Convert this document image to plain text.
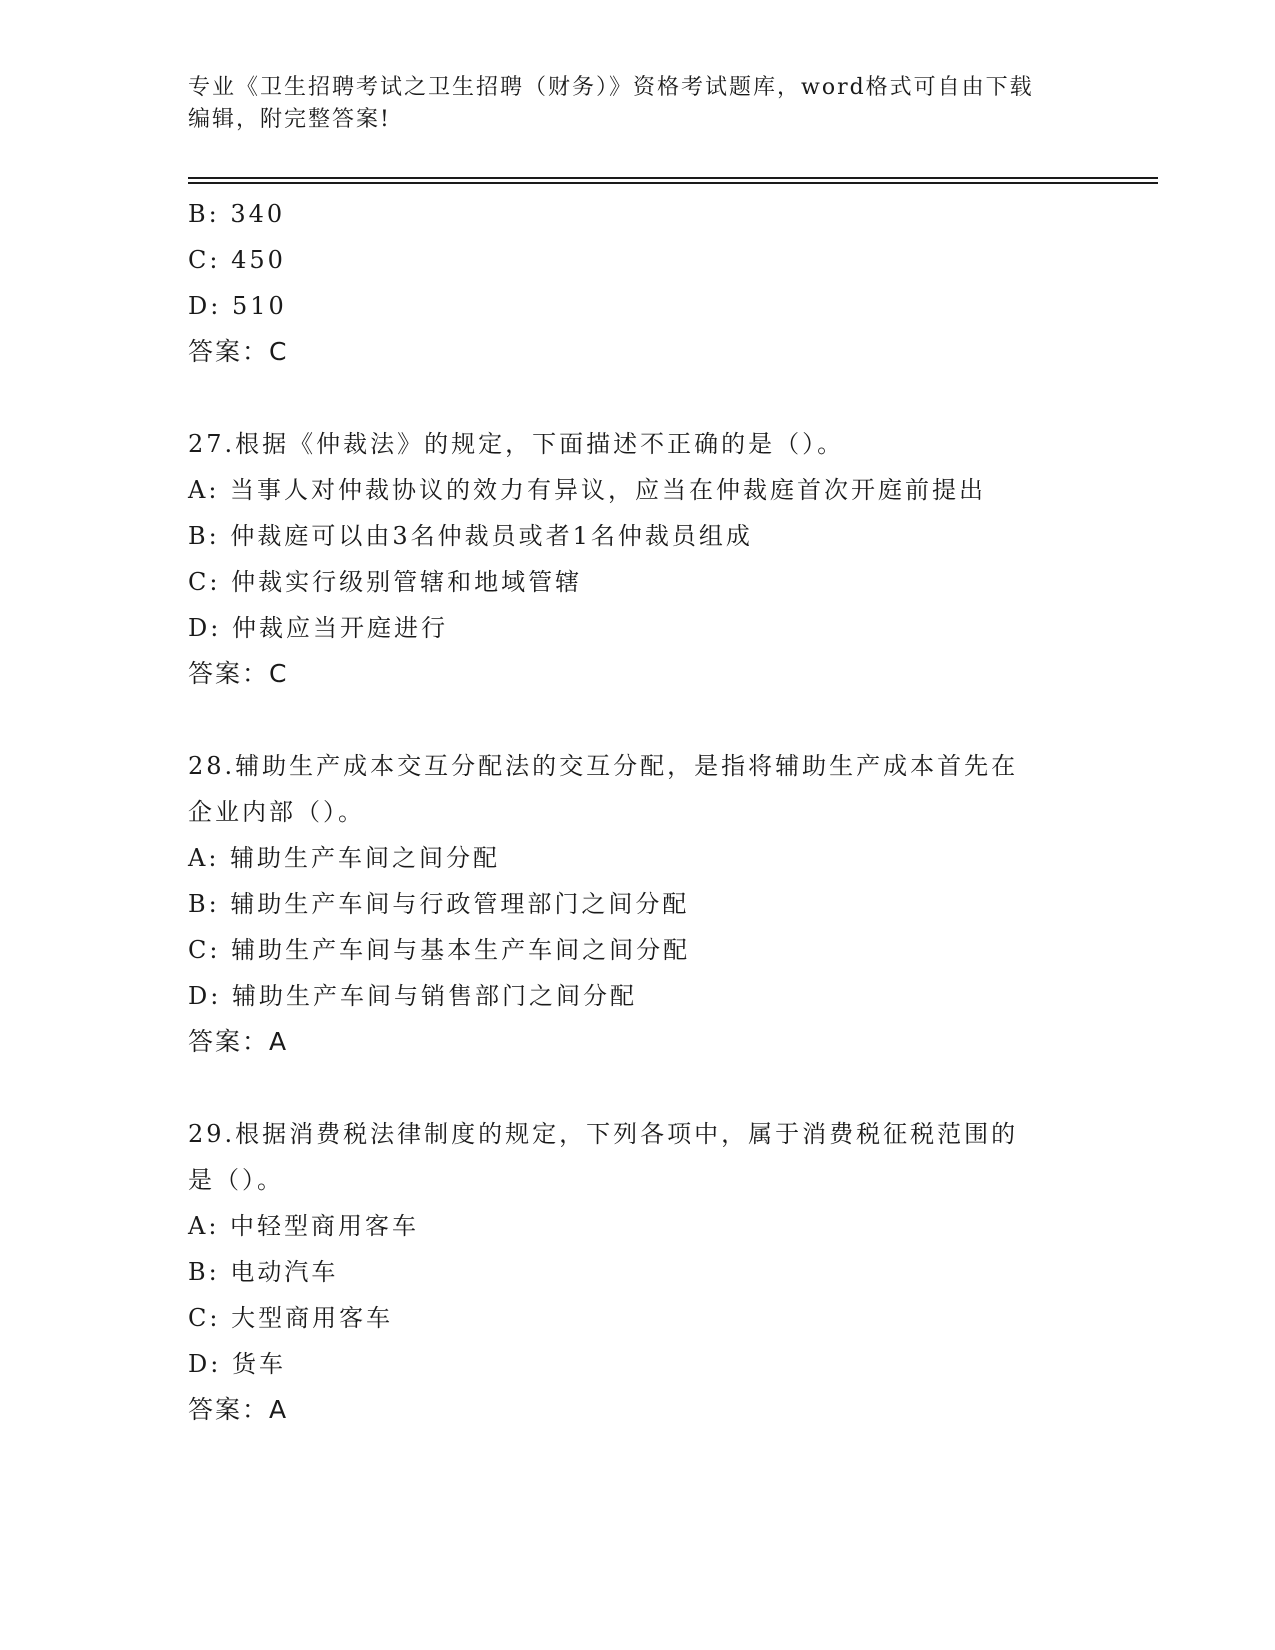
专业《卫生招聘考试之卫生招聘（财务）》资格考试题库，word格式可自由下载
编辑，附完整答案!
B: 340
C: 450
D: 510
答案：C
27.根据《仲裁法》的规定，下面描述不正确的是（）。
A: 当事人对仲裁协议的效力有异议，应当在仲裁庭首次开庭前提出
B: 仲裁庭可以由3名仲裁员或者1名仲裁员组成
C: 仲裁实行级别管辖和地域管辖
D: 仲裁应当开庭进行
答案：C
28.辅助生产成本交互分配法的交互分配，是指将辅助生产成本首先在
企业内部（）。
A: 辅助生产车间之间分配
B: 辅助生产车间与行政管理部门之间分配
C: 辅助生产车间与基本生产车间之间分配
D: 辅助生产车间与销售部门之间分配
答案：A
29.根据消费税法律制度的规定，下列各项中，属于消费税征税范围的
是（）。
A: 中轻型商用客车
B: 电动汽车
C: 大型商用客车
D: 货车
答案：A
